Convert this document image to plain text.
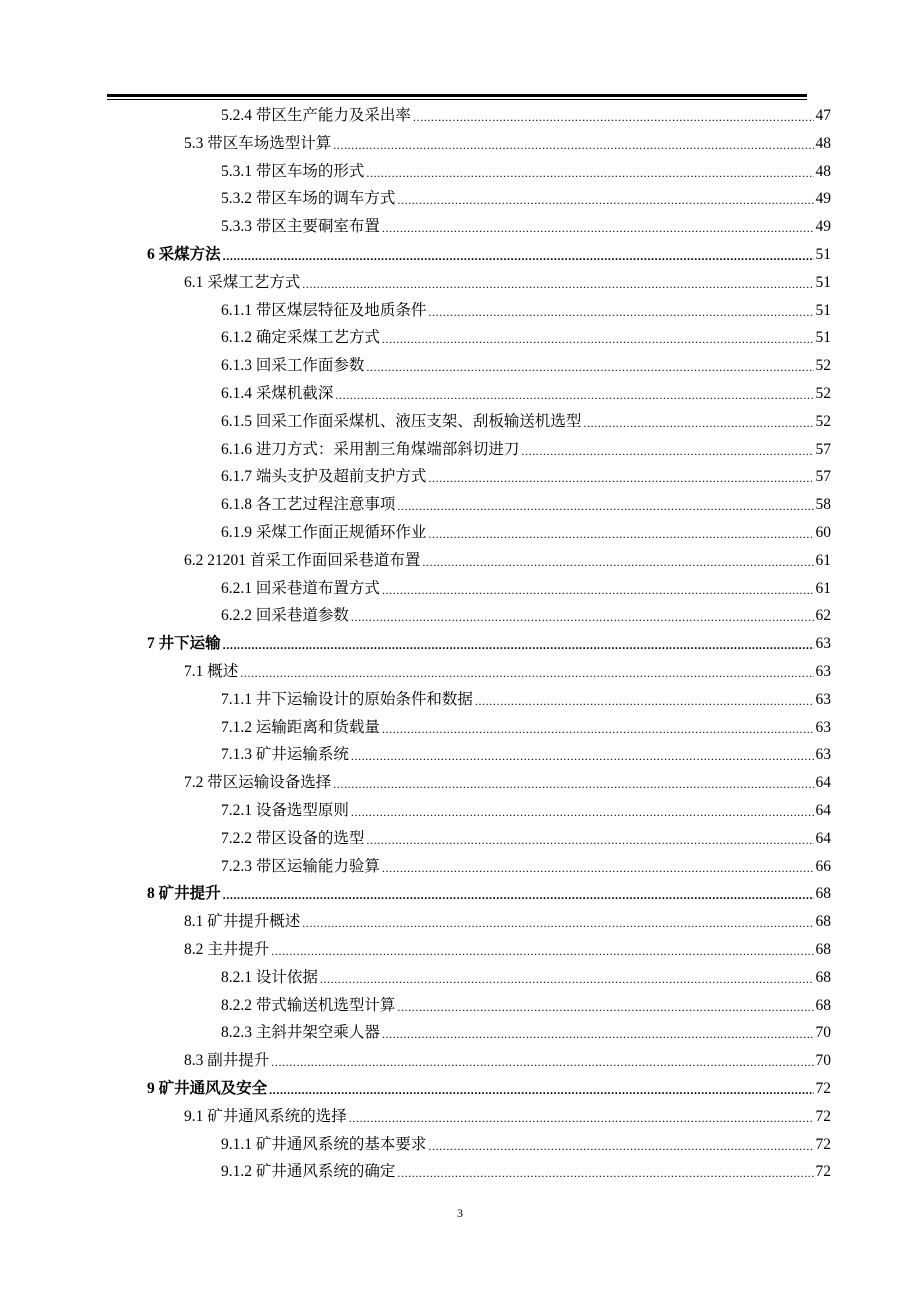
5.2.4 带区生产能力及采出率 .....	47
5.3 带区车场选型计算 .....	48
5.3.1 带区车场的形式 .....	48
5.3.2 带区车场的调车方式 .....	49
5.3.3 带区主要硐室布置 .....	49
6 采煤方法 .....	51
6.1 采煤工艺方式 .....	51
6.1.1 带区煤层特征及地质条件 .....	51
6.1.2 确定采煤工艺方式 .....	51
6.1.3 回采工作面参数 .....	52
6.1.4 采煤机截深 .....	52
6.1.5 回采工作面采煤机、液压支架、刮板输送机选型 .....	52
6.1.6 进刀方式：采用割三角煤端部斜切进刀 .....	57
6.1.7 端头支护及超前支护方式 .....	57
6.1.8 各工艺过程注意事项 .....	58
6.1.9 采煤工作面正规循环作业 .....	60
6.2 21201 首采工作面回采巷道布置 .....	61
6.2.1 回采巷道布置方式 .....	61
6.2.2 回采巷道参数 .....	62
7 井下运输 .....	63
7.1 概述 .....	63
7.1.1 井下运输设计的原始条件和数据 .....	63
7.1.2 运输距离和货载量 .....	63
7.1.3 矿井运输系统 .....	63
7.2 带区运输设备选择 .....	64
7.2.1 设备选型原则 .....	64
7.2.2 带区设备的选型 .....	64
7.2.3 带区运输能力验算 .....	66
8 矿井提升 .....	68
8.1 矿井提升概述 .....	68
8.2 主井提升 .....	68
8.2.1 设计依据 .....	68
8.2.2 带式输送机选型计算 .....	68
8.2.3 主斜井架空乘人器 .....	70
8.3 副井提升 .....	70
9 矿井通风及安全 .....	72
9.1 矿井通风系统的选择 .....	72
9.1.1 矿井通风系统的基本要求 .....	72
9.1.2 矿井通风系统的确定 .....	72
3
